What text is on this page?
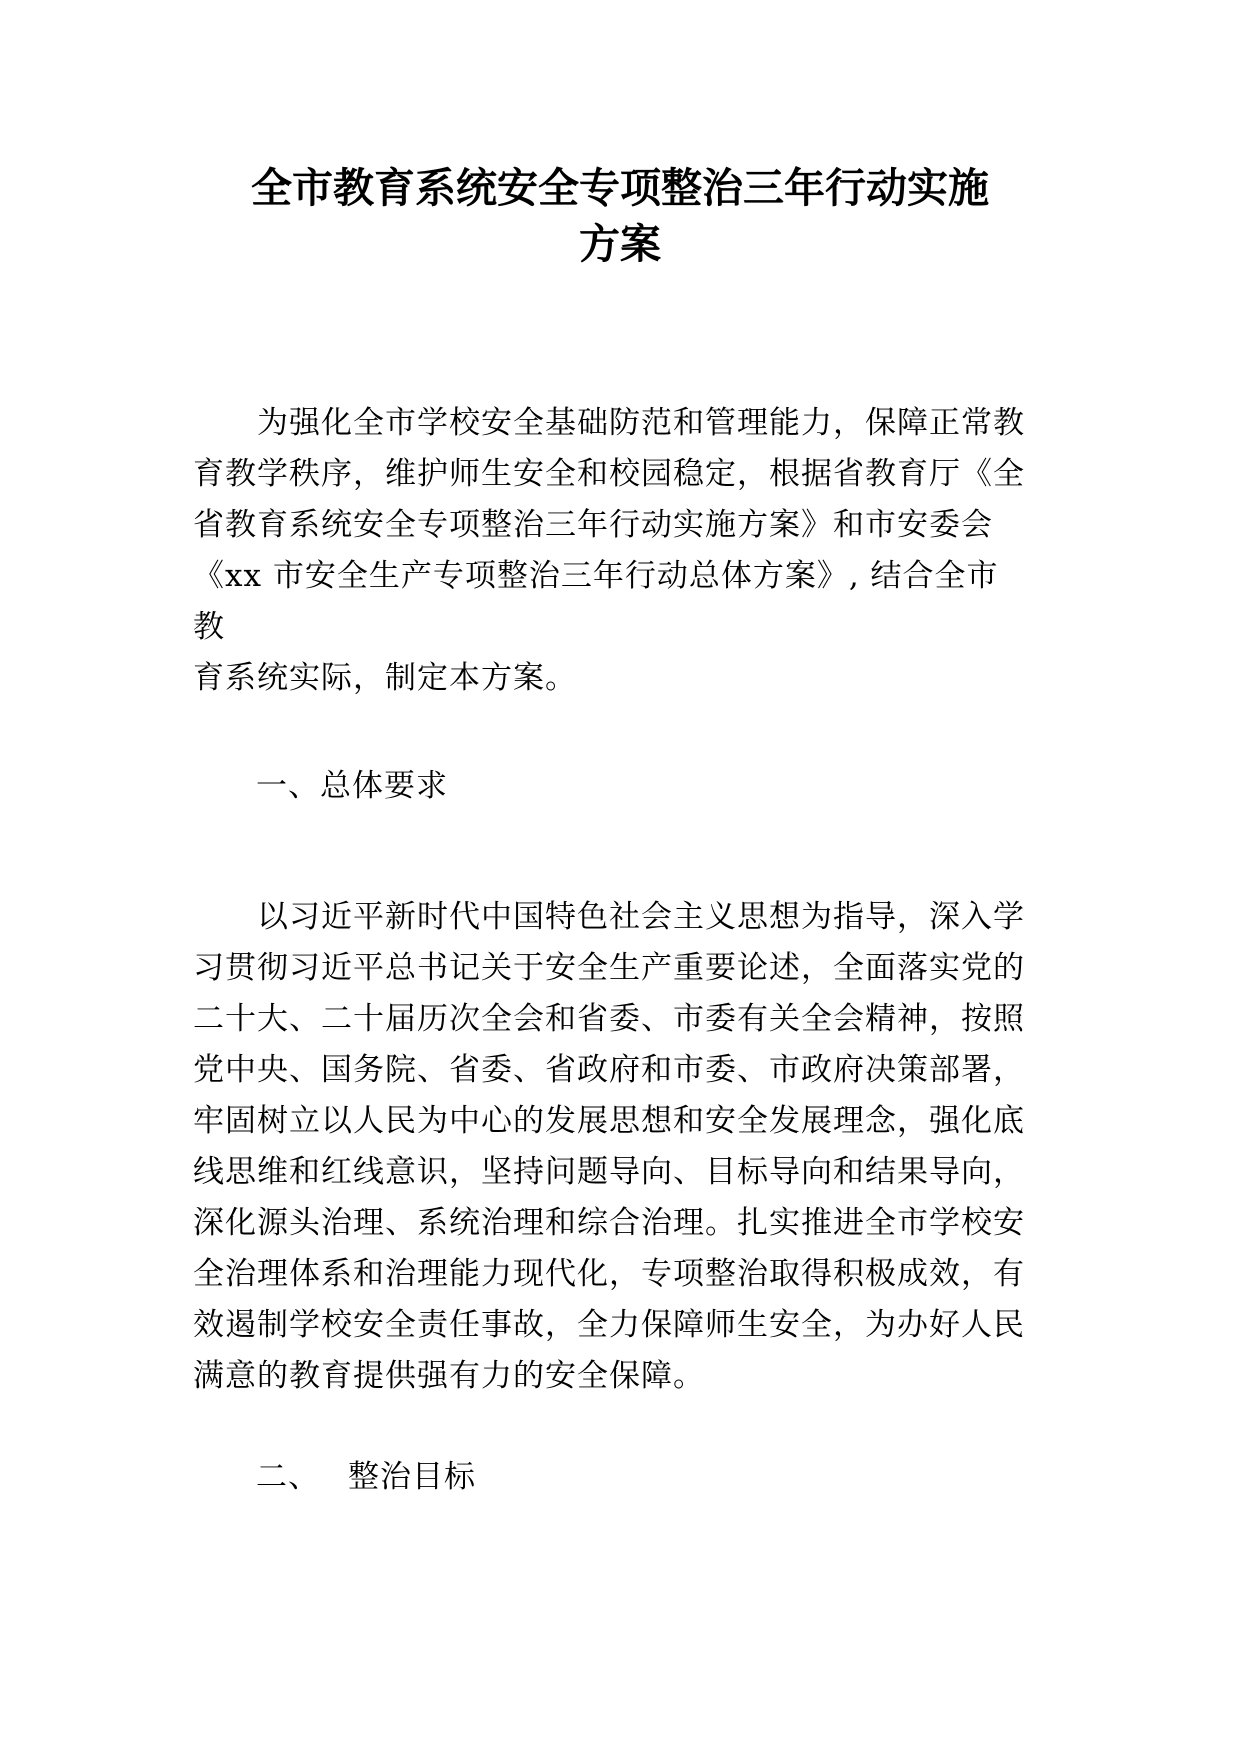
全市教育系统安全专项整治三年行动实施
方案
为强化全市学校安全基础防范和管理能力，保障正常教
育教学秩序，维护师生安全和校园稳定，根据省教育厅《全
省教育系统安全专项整治三年行动实施方案》和市安委会
《xx 市安全生产专项整治三年行动总体方案》, 结合全市
教
育系统实际，制定本方案。
一、总体要求
以习近平新时代中国特色社会主义思想为指导，深入学
习贯彻习近平总书记关于安全生产重要论述，全面落实党的
二十大、二十届历次全会和省委、市委有关全会精神，按照
党中央、国务院、省委、省政府和市委、市政府决策部署，
牢固树立以人民为中心的发展思想和安全发展理念，强化底
线思维和红线意识，坚持问题导向、目标导向和结果导向，
深化源头治理、系统治理和综合治理。扎实推进全市学校安
全治理体系和治理能力现代化，专项整治取得积极成效，有
效遏制学校安全责任事故，全力保障师生安全，为办好人民
满意的教育提供强有力的安全保障。
二、 整治目标
